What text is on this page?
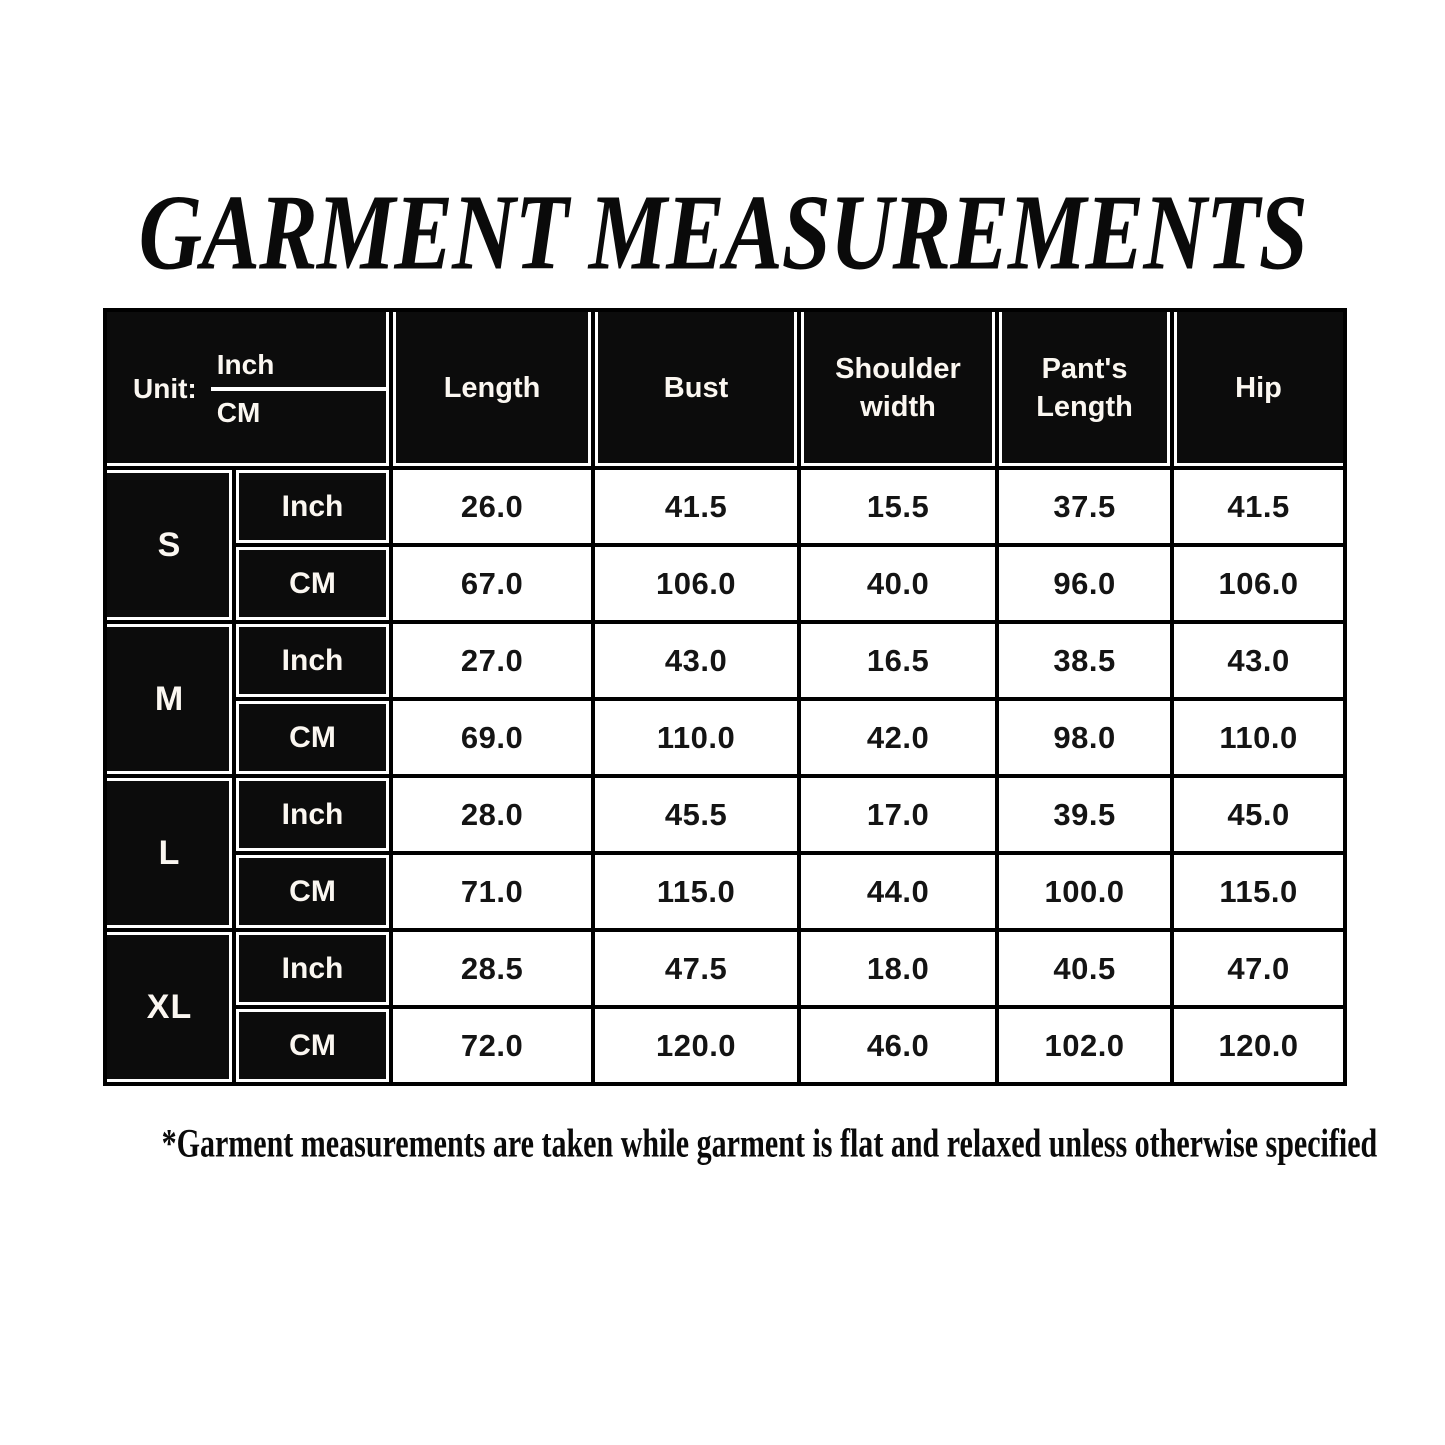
GARMENT MEASUREMENTS
Unit: $\frac{\text{Inch}}{CM}$		Length	Bust	Shoulder width	Pant's Length	Hip
S	Inch	26.0	41.5	15.5	37.5	41.5
	CM	67.0	106.0	40.0	96.0	106.0
M	Inch	27.0	43.0	16.5	38.5	43.0
	CM	69.0	110.0	42.0	98.0	110.0
L	Inch	28.0	45.5	17.0	39.5	45.0
	CM	71.0	115.0	44.0	100.0	115.0
XL	Inch	28.5	47.5	18.0	40.5	47.0
	CM	72.0	120.0	46.0	102.0	120.0
*Garment measurements are taken while garment is flat and relaxed unless otherwise specified
